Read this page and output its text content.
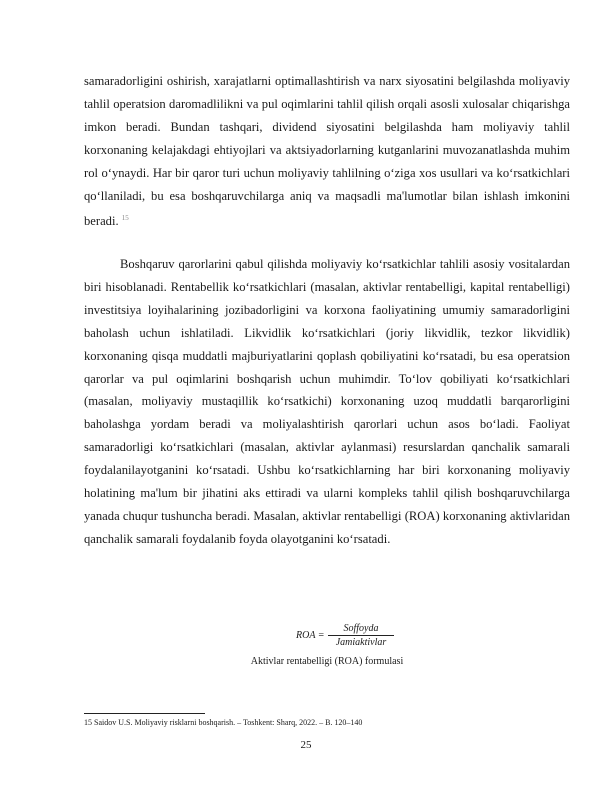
samaradorligini oshirish, xarajatlarni optimallashtirish va narx siyosatini belgilashda moliyaviy tahlil operatsion daromadlilikni va pul oqimlarini tahlil qilish orqali asosli xulosalar chiqarishga imkon beradi. Bundan tashqari, dividend siyosatini belgilashda ham moliyaviy tahlil korxonaning kelajakdagi ehtiyojlari va aktsiyadorlarning kutganlarini muvozanatlashda muhim rol oʻynaydi. Har bir qaror turi uchun moliyaviy tahlilning oʻziga xos usullari va koʻrsatkichlari qoʻllaniladi, bu esa boshqaruvchilarga aniq va maqsadli ma'lumotlar bilan ishlash imkonini beradi. $^{15}$

Boshqaruv qarorlarini qabul qilishda moliyaviy koʻrsatkichlar tahlili asosiy vositalardan biri hisoblanadi. Rentabellik koʻrsatkichlari (masalan, aktivlar rentabelligi, kapital rentabelligi) investitsiya loyihalarining jozibadorligini va korxona faoliyatining umumiy samaradorligini baholash uchun ishlatiladi. Likvidlik koʻrsatkichlari (joriy likvidlik, tezkor likvidlik) korxonaning qisqa muddatli majburiyatlarini qoplash qobiliyatini koʻrsatadi, bu esa operatsion qarorlar va pul oqimlarini boshqarish uchun muhimdir. Toʻlov qobiliyati koʻrsatkichlari (masalan, moliyaviy mustaqillik koʻrsatkichi) korxonaning uzoq muddatli barqarorligini baholashga yordam beradi va moliyalashtirish qarorlari uchun asos boʻladi. Faoliyat samaradorligi koʻrsatkichlari (masalan, aktivlar aylanmasi) resurslardan qanchalik samarali foydalanilayotganini koʻrsatadi. Ushbu koʻrsatkichlarning har biri korxonaning moliyaviy holatining ma'lum bir jihatini aks ettiradi va ularni kompleks tahlil qilish boshqaruvchilarga yanada chuqur tushuncha beradi. Masalan, aktivlar rentabelligi (ROA) korxonaning aktivlaridan qanchalik samarali foydalanib foyda olayotganini koʻrsatadi.

ROA =
Soffoyda
Jamiaktivlar
Aktivlar rentabelligi (ROA) formulasi
15 Saidov U.S. Moliyaviy risklarni boshqarish. – Toshkent: Sharq, 2022. – B. 120–140
25
